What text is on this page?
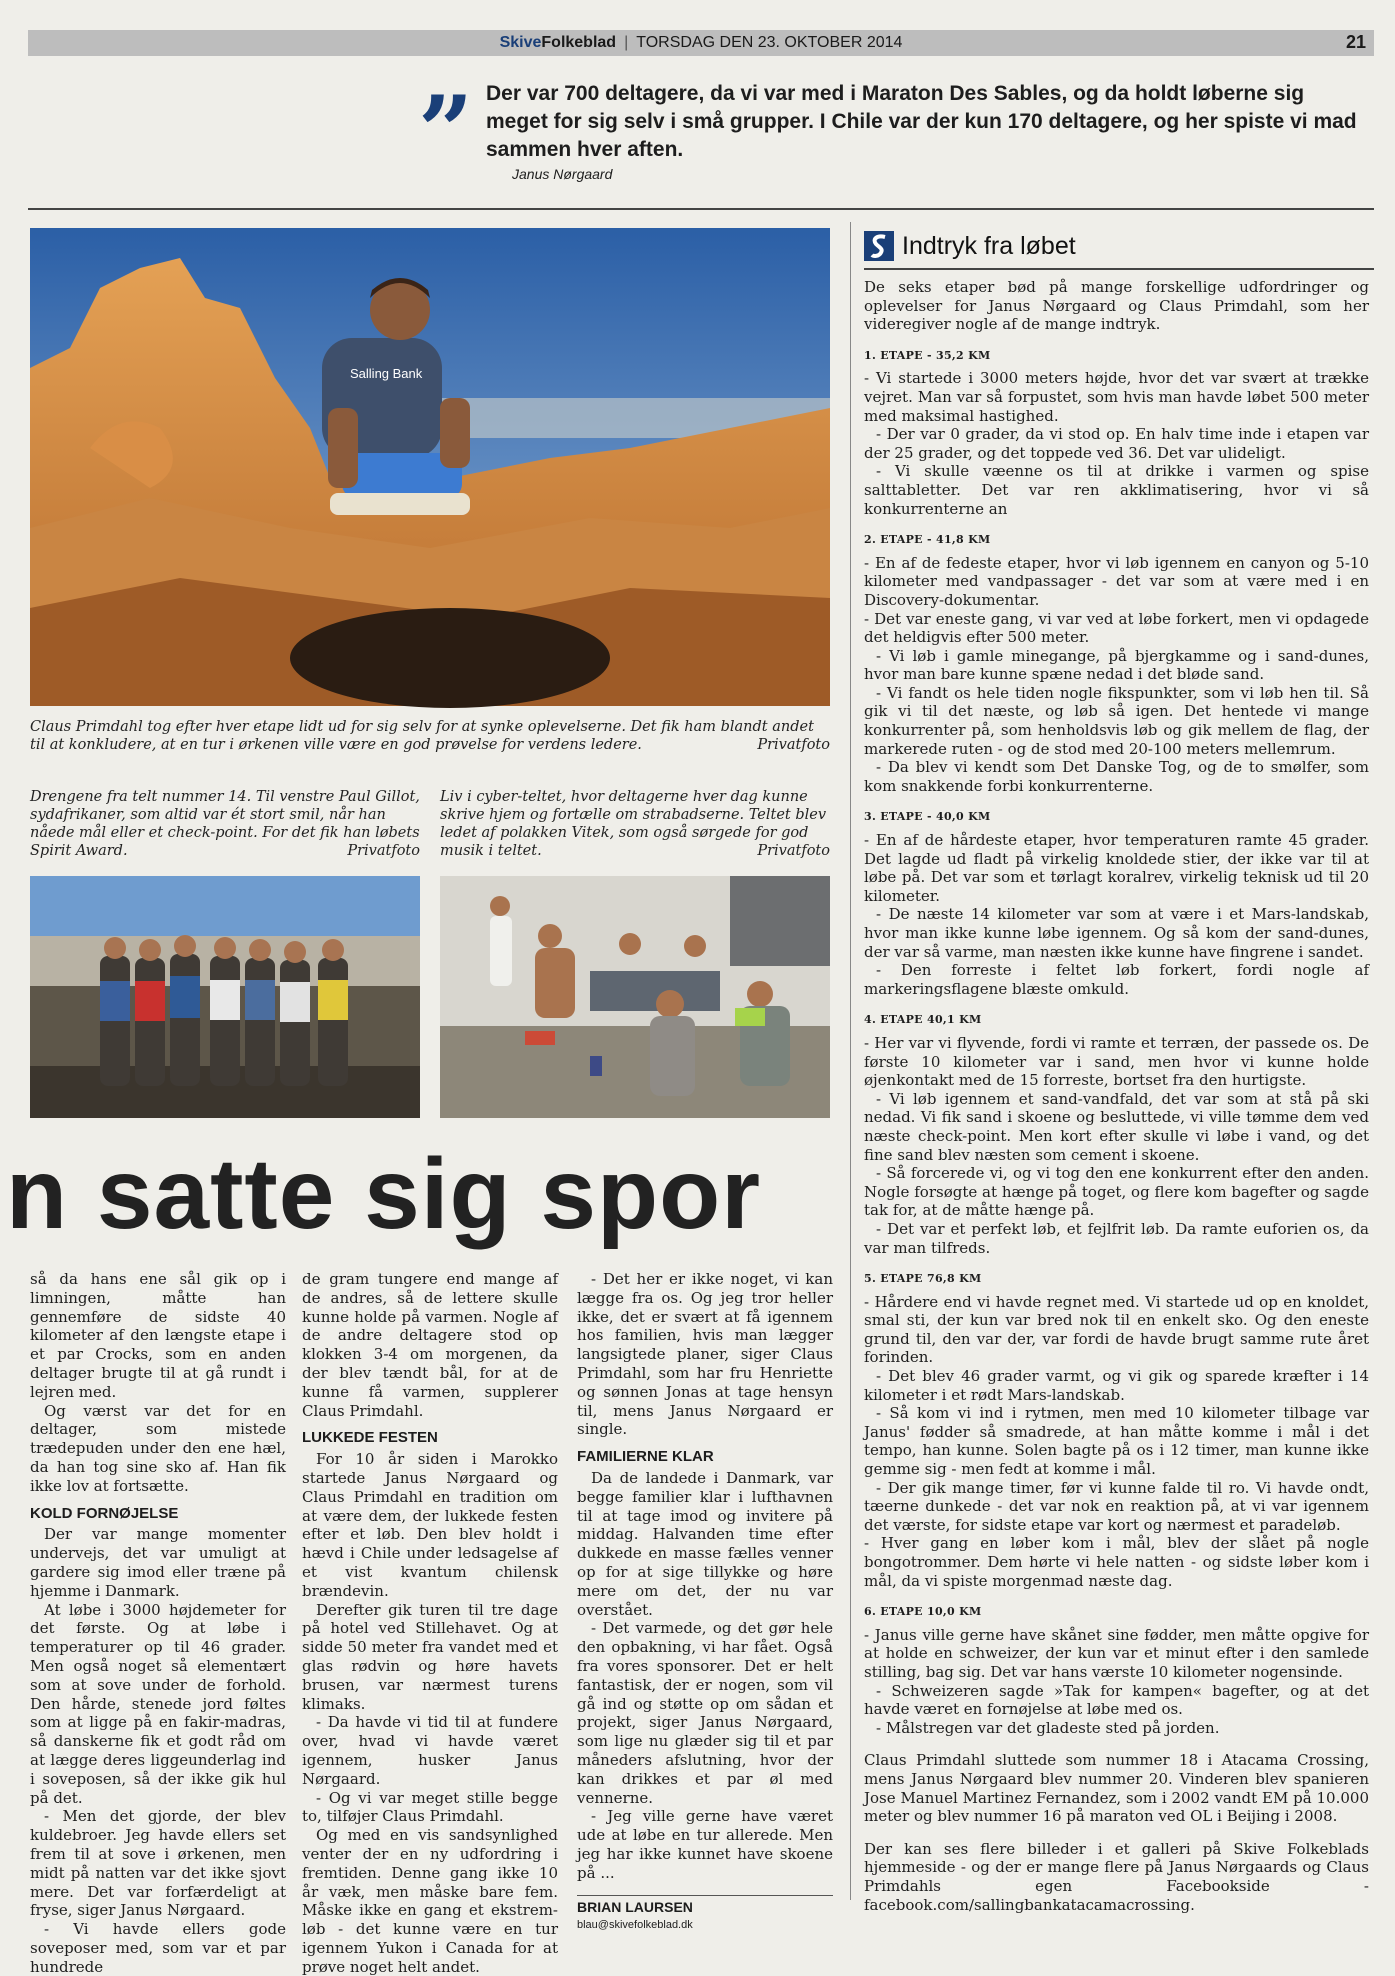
Skive Folkeblad | TORSDAG DEN 23. OKTOBER 2014	21
” Der var 700 deltagere, da vi var med i Maraton Des Sables, og da holdt løberne sig meget for sig selv i små grupper. I Chile var der kun 170 deltagere, og her spiste vi mad sammen hver aften.
Janus Nørgaard
Salling Bank
Claus Primdahl tog efter hver etape lidt ud for sig selv for at synke oplevelserne. Det fik ham blandt andet til at konkludere, at en tur i ørkenen ville være en god prøvelse for verdens ledere.	Privatfoto
Drengene fra telt nummer 14. Til venstre Paul Gillot, sydafrikaner, som altid var ét stort smil, når han nåede mål eller et check-point. For det fik han løbets Spirit Award.	Privatfoto
Liv i cyber-teltet, hvor deltagerne hver dag kunne skrive hjem og fortælle om strabadserne. Teltet blev ledet af polakken Vitek, som også sørgede for god musik i teltet.	Privatfoto
n satte sig spor

så da hans ene sål gik op i limningen, måtte han gennemføre de sidste 40 kilometer af den længste etape i et par Crocks, som en anden deltager brugte til at gå rundt i lejren med.

Og værst var det for en deltager, som mistede trædepuden under den ene hæl, da han tog sine sko af. Han fik ikke lov at fortsætte.

KOLD FORNØJELSE

Der var mange momenter undervejs, det var umuligt at gardere sig imod eller træne på hjemme i Danmark.

At løbe i 3000 højdemeter for det første. Og at løbe i temperaturer op til 46 grader. Men også noget så elementært som at sove under de forhold. Den hårde, stenede jord føltes som at ligge på en fakir-madras, så danskerne fik et godt råd om at lægge deres liggeunderlag ind i soveposen, så der ikke gik hul på det.

- Men det gjorde, der blev kuldebroer. Jeg havde ellers set frem til at sove i ørkenen, men midt på natten var det ikke sjovt mere. Det var forfærdeligt at fryse, siger Janus Nørgaard.

- Vi havde ellers gode soveposer med, som var et par hundrede

de gram tungere end mange af de andres, så de lettere skulle kunne holde på varmen. Nogle af de andre deltagere stod op klokken 3-4 om morgenen, da der blev tændt bål, for at de kunne få varmen, supplerer Claus Primdahl.

LUKKEDE FESTEN

For 10 år siden i Marokko startede Janus Nørgaard og Claus Primdahl en tradition om at være dem, der lukkede festen efter et løb. Den blev holdt i hævd i Chile under ledsagelse af et vist kvantum chilensk brændevin.

Derefter gik turen til tre dage på hotel ved Stillehavet. Og at sidde 50 meter fra vandet med et glas rødvin og høre havets brusen, var nærmest turens klimaks.

- Da havde vi tid til at fundere over, hvad vi havde været igennem, husker Janus Nørgaard.

- Og vi var meget stille begge to, tilføjer Claus Primdahl.

Og med en vis sandsynlighed venter der en ny udfordring i fremtiden. Denne gang ikke 10 år væk, men måske bare fem. Måske ikke en gang et ekstrem-løb - det kunne være en tur igennem Yukon i Canada for at prøve noget helt andet.

- Det her er ikke noget, vi kan lægge fra os. Og jeg tror heller ikke, det er svært at få igennem hos familien, hvis man lægger langsigtede planer, siger Claus Primdahl, som har fru Henriette og sønnen Jonas at tage hensyn til, mens Janus Nørgaard er single.

FAMILIERNE KLAR

Da de landede i Danmark, var begge familier klar i lufthavnen til at tage imod og invitere på middag. Halvanden time efter dukkede en masse fælles venner op for at sige tillykke og høre mere om det, der nu var overstået.

- Det varmede, og det gør hele den opbakning, vi har fået. Også fra vores sponsorer. Det er helt fantastisk, der er nogen, som vil gå ind og støtte op om sådan et projekt, siger Janus Nørgaard, som lige nu glæder sig til et par måneders afslutning, hvor der kan drikkes et par øl med vennerne.

- Jeg ville gerne have været ude at løbe en tur allerede. Men jeg har ikke kunnet have skoene på ...

BRIAN LAURSEN
blau@skivefolkeblad.dk
Indtryk fra løbet

De seks etaper bød på mange forskellige udfordringer og oplevelser for Janus Nørgaard og Claus Primdahl, som her videregiver nogle af de mange indtryk.

1. ETAPE - 35,2 KM

- Vi startede i 3000 meters højde, hvor det var svært at trække vejret. Man var så forpustet, som hvis man havde løbet 500 meter med maksimal hastighed.

- Der var 0 grader, da vi stod op. En halv time inde i etapen var der 25 grader, og det toppede ved 36. Det var ulideligt.

- Vi skulle væenne os til at drikke i varmen og spise salttabletter. Det var ren akklimatisering, hvor vi så konkurrenterne an

2. ETAPE - 41,8 KM

- En af de fedeste etaper, hvor vi løb igennem en canyon og 5-10 kilometer med vandpassager - det var som at være med i en Discovery-dokumentar.

- Det var eneste gang, vi var ved at løbe forkert, men vi opdagede det heldigvis efter 500 meter.

- Vi løb i gamle minegange, på bjergkamme og i sand-dunes, hvor man bare kunne spæne nedad i det bløde sand.

- Vi fandt os hele tiden nogle fikspunkter, som vi løb hen til. Så gik vi til det næste, og løb så igen. Det hentede vi mange konkurrenter på, som henholdsvis løb og gik mellem de flag, der markerede ruten - og de stod med 20-100 meters mellemrum.

- Da blev vi kendt som Det Danske Tog, og de to smølfer, som kom snakkende forbi konkurrenterne.

3. ETAPE - 40,0 KM

- En af de hårdeste etaper, hvor temperaturen ramte 45 grader. Det lagde ud fladt på virkelig knoldede stier, der ikke var til at løbe på. Det var som et tørlagt koralrev, virkelig teknisk ud til 20 kilometer.

- De næste 14 kilometer var som at være i et Mars-landskab, hvor man ikke kunne løbe igennem. Og så kom der sand-dunes, der var så varme, man næsten ikke kunne have fingrene i sandet.

- Den forreste i feltet løb forkert, fordi nogle af markeringsflagene blæste omkuld.

4. ETAPE 40,1 KM

- Her var vi flyvende, fordi vi ramte et terræn, der passede os. De første 10 kilometer var i sand, men hvor vi kunne holde øjenkontakt med de 15 forreste, bortset fra den hurtigste.

- Vi løb igennem et sand-vandfald, det var som at stå på ski nedad. Vi fik sand i skoene og besluttede, vi ville tømme dem ved næste check-point. Men kort efter skulle vi løbe i vand, og det fine sand blev næsten som cement i skoene.

- Så forcerede vi, og vi tog den ene konkurrent efter den anden. Nogle forsøgte at hænge på toget, og flere kom bagefter og sagde tak for, at de måtte hænge på.

- Det var et perfekt løb, et fejlfrit løb. Da ramte euforien os, da var man tilfreds.

5. ETAPE 76,8 KM

- Hårdere end vi havde regnet med. Vi startede ud op en knoldet, smal sti, der kun var bred nok til en enkelt sko. Og den eneste grund til, den var der, var fordi de havde brugt samme rute året forinden.

- Det blev 46 grader varmt, og vi gik og sparede kræfter i 14 kilometer i et rødt Mars-landskab.

- Så kom vi ind i rytmen, men med 10 kilometer tilbage var Janus' fødder så smadrede, at han måtte komme i mål i det tempo, han kunne. Solen bagte på os i 12 timer, man kunne ikke gemme sig - men fedt at komme i mål.

- Der gik mange timer, før vi kunne falde til ro. Vi havde ondt, tæerne dunkede - det var nok en reaktion på, at vi var igennem det værste, for sidste etape var kort og nærmest et paradeløb.

- Hver gang en løber kom i mål, blev der slået på nogle bongotrommer. Dem hørte vi hele natten - og sidste løber kom i mål, da vi spiste morgenmad næste dag.

6. ETAPE 10,0 KM

- Janus ville gerne have skånet sine fødder, men måtte opgive for at holde en schweizer, der kun var et minut efter i den samlede stilling, bag sig. Det var hans værste 10 kilometer nogensinde.

- Schweizeren sagde »Tak for kampen« bagefter, og at det havde været en fornøjelse at løbe med os.

- Målstregen var det gladeste sted på jorden.

Claus Primdahl sluttede som nummer 18 i Atacama Crossing, mens Janus Nørgaard blev nummer 20. Vinderen blev spanieren Jose Manuel Martinez Fernandez, som i 2002 vandt EM på 10.000 meter og blev nummer 16 på maraton ved OL i Beijing i 2008.

Der kan ses flere billeder i et galleri på Skive Folkeblads hjemmeside - og der er mange flere på Janus Nørgaards og Claus Primdahls egen Facebookside - facebook.com/sallingbankatacamacrossing.
